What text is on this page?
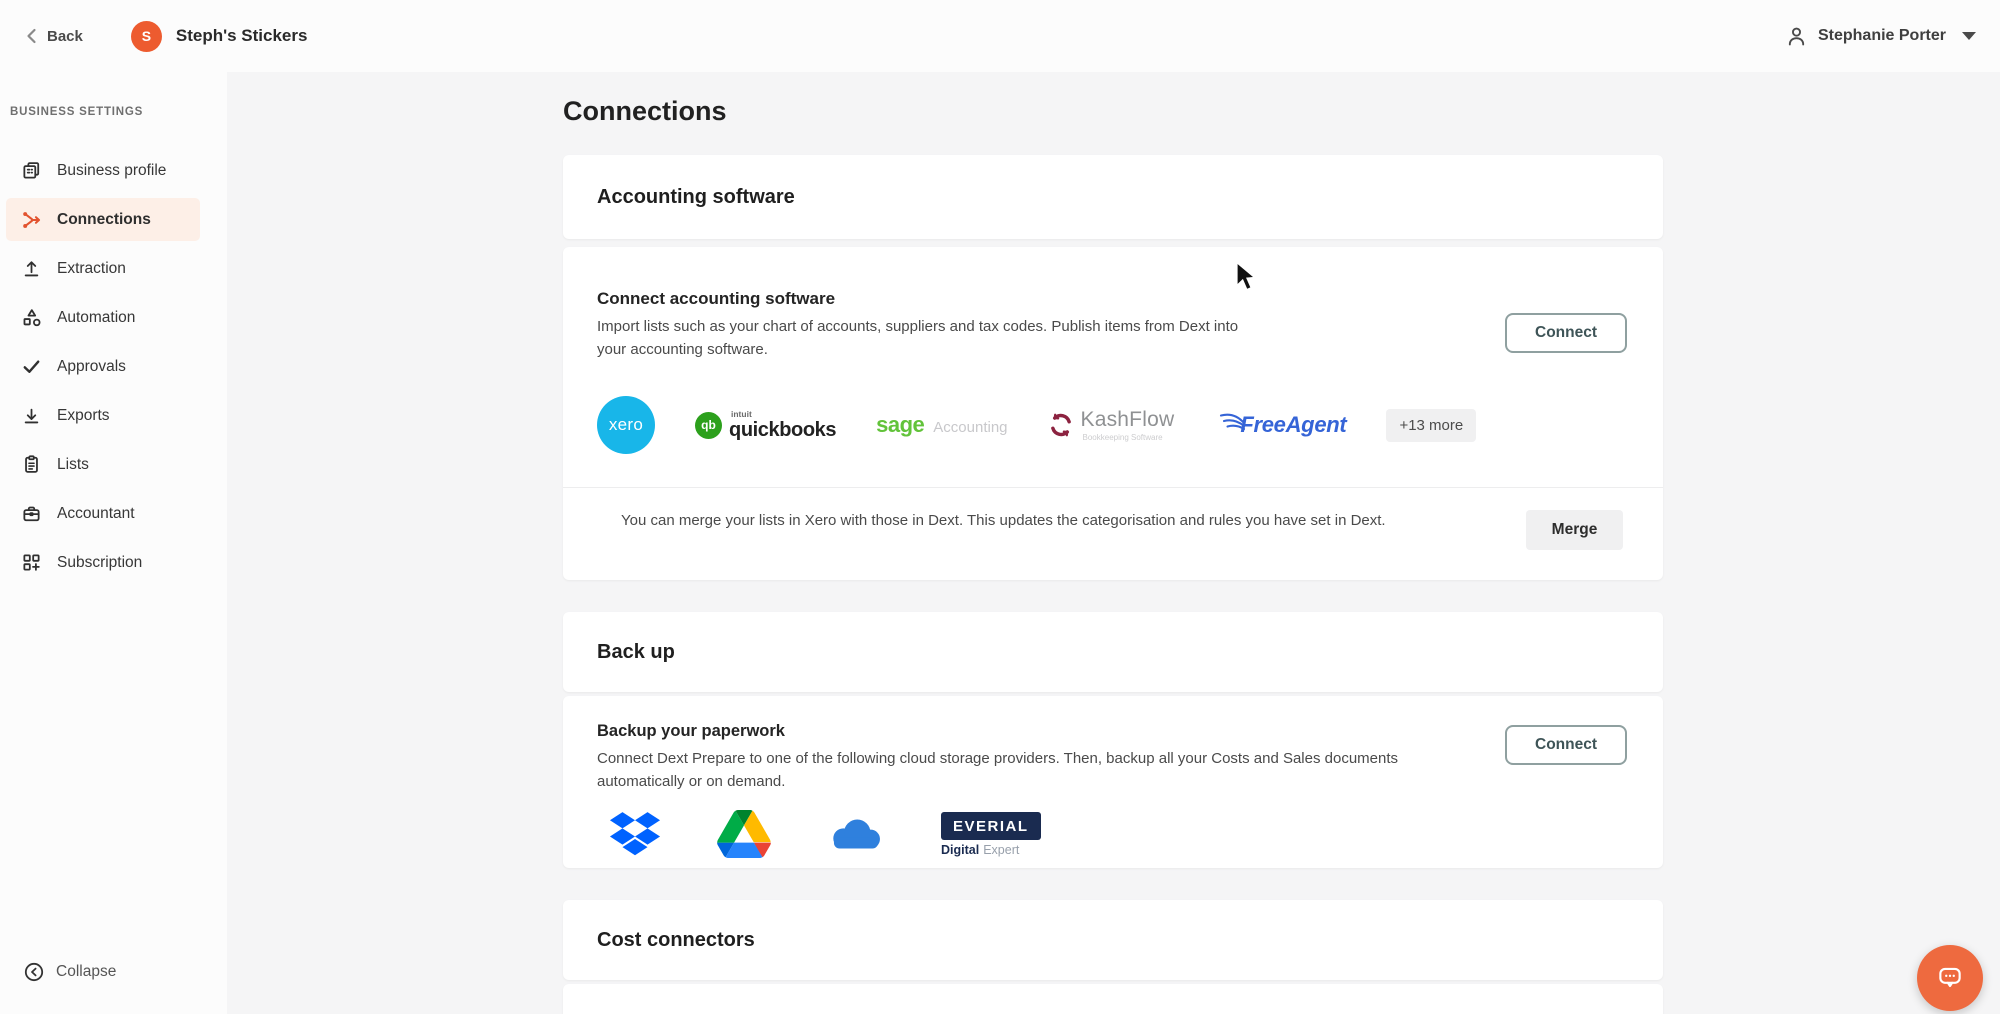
Back	S	Steph's Stickers	Stephanie Porter
BUSINESS SETTINGS
Business profile
Connections
Extraction
Automation
Approvals
Exports
Lists
Accountant
Subscription
Collapse
Connections
Accounting software
Connect accounting software
Import lists such as your chart of accounts, suppliers and tax codes. Publish items from Dext into your accounting software.
Connect
xero	qb
intuit
quickbooks sage Accounting	KashFlow
Bookkeeping Software	FreeAgent	+13 more
You can merge your lists in Xero with those in Dext. This updates the categorisation and rules you have set in Dext.
Merge
Back up
Backup your paperwork
Connect Dext Prepare to one of the following cloud storage providers. Then, backup all your Costs and Sales documents automatically or on demand.
Connect
EVERIAL
Digital Expert
Cost connectors
